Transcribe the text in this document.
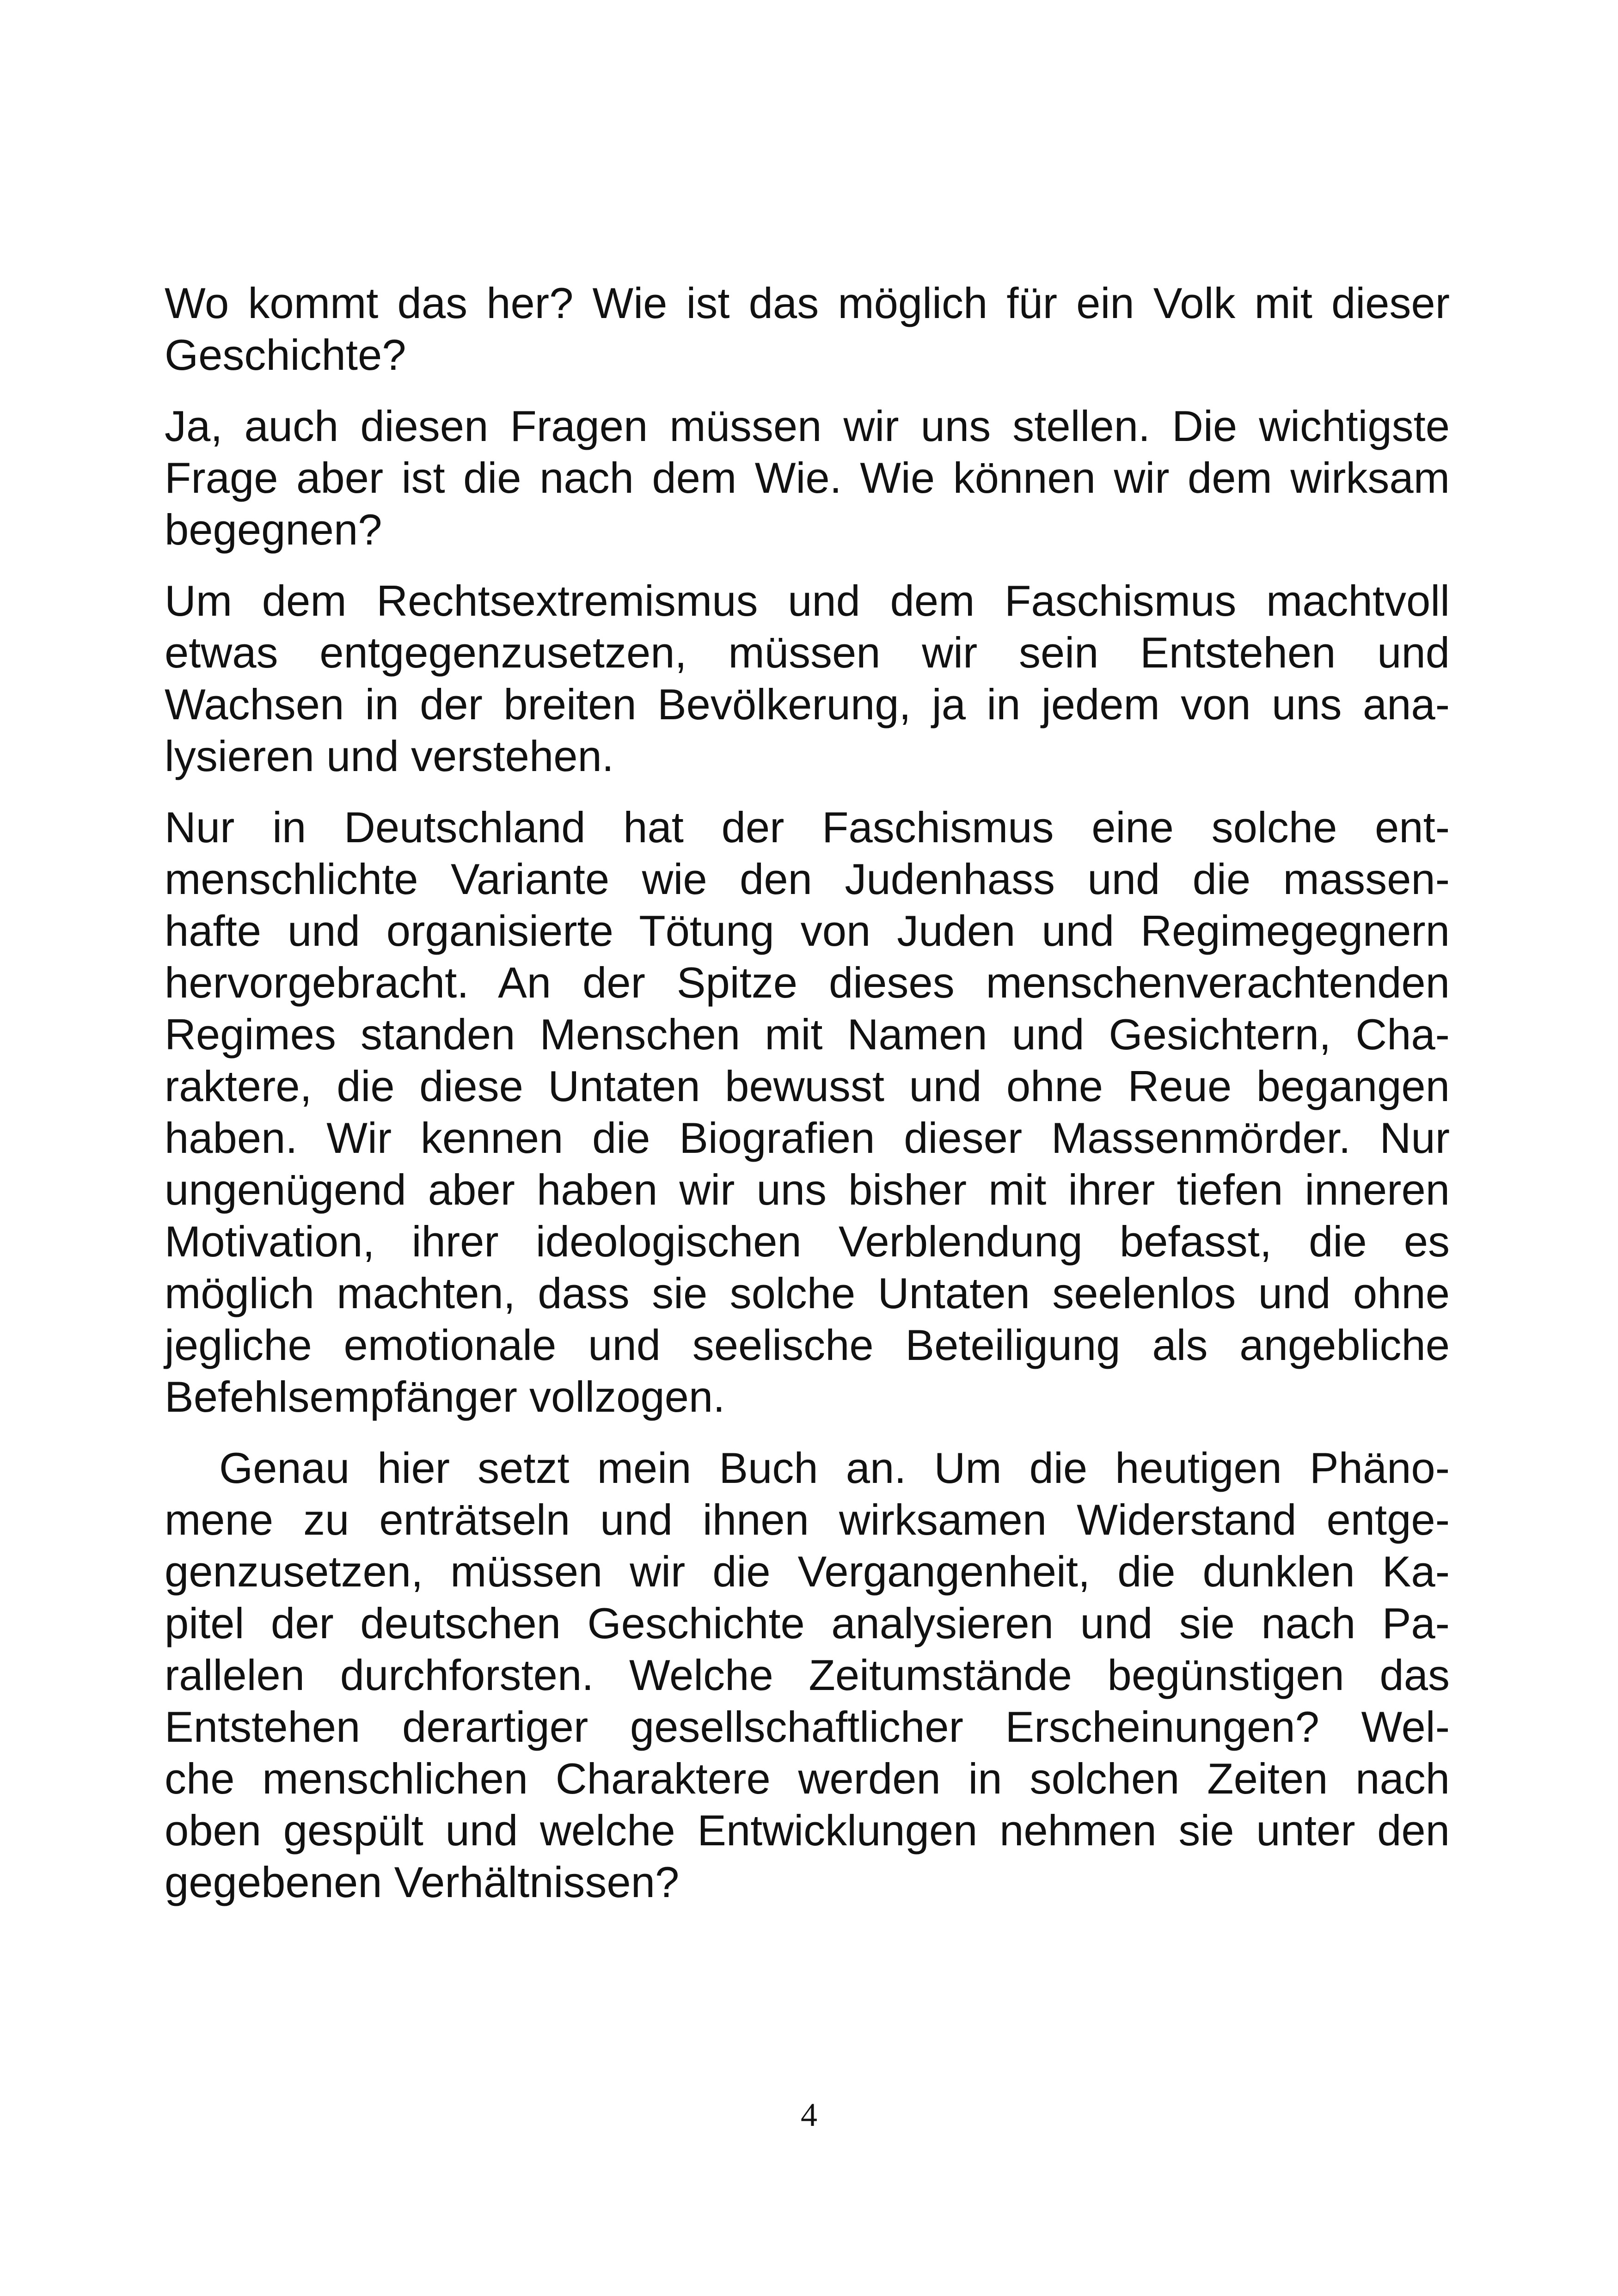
Wo kommt das her? Wie ist das möglich für ein Volk mit dieser
Geschichte?

Ja, auch diesen Fragen müssen wir uns stellen. Die wichtigste
Frage aber ist die nach dem Wie. Wie können wir dem wirksam
begegnen?

Um dem Rechtsextremismus und dem Faschismus machtvoll
etwas entgegenzusetzen, müssen wir sein Entstehen und
Wachsen in der breiten Bevölkerung, ja in jedem von uns ana-
lysieren und verstehen.

Nur in Deutschland hat der Faschismus eine solche ent-
menschlichte Variante wie den Judenhass und die massen-
hafte und organisierte Tötung von Juden und Regimegegnern
hervorgebracht. An der Spitze dieses menschenverachtenden
Regimes standen Menschen mit Namen und Gesichtern, Cha-
raktere, die diese Untaten bewusst und ohne Reue begangen
haben. Wir kennen die Biografien dieser Massenmörder. Nur
ungenügend aber haben wir uns bisher mit ihrer tiefen inneren
Motivation, ihrer ideologischen Verblendung befasst, die es
möglich machten, dass sie solche Untaten seelenlos und ohne
jegliche emotionale und seelische Beteiligung als angebliche
Befehlsempfänger vollzogen.

Genau hier setzt mein Buch an. Um die heutigen Phäno-
mene zu enträtseln und ihnen wirksamen Widerstand entge-
genzusetzen, müssen wir die Vergangenheit, die dunklen Ka-
pitel der deutschen Geschichte analysieren und sie nach Pa-
rallelen durchforsten. Welche Zeitumstände begünstigen das
Entstehen derartiger gesellschaftlicher Erscheinungen? Wel-
che menschlichen Charaktere werden in solchen Zeiten nach
oben gespült und welche Entwicklungen nehmen sie unter den
gegebenen Verhältnissen?

4
